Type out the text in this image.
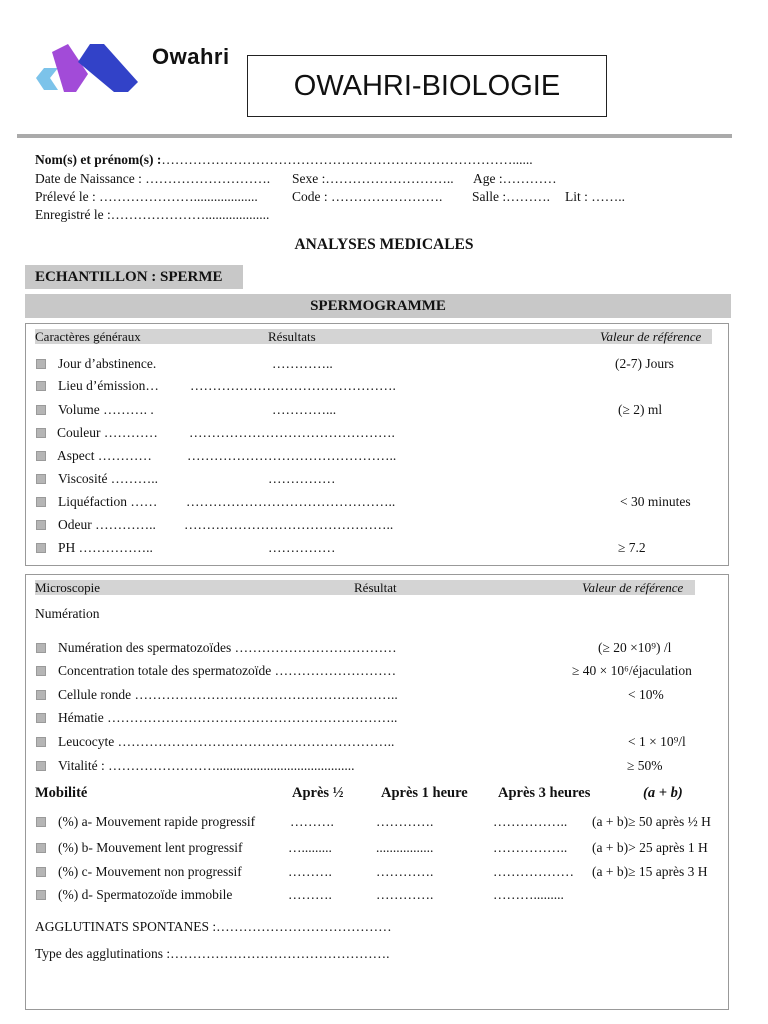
Owahri
OWAHRI-BIOLOGIE
Nom(s) et prénom(s) :……………………………………………………………………......
Date de Naissance : ………………………. Sexe :……………………….. Age :…………
Prélevé le : …………………...................	Code : ……………………. Salle :………. Lit : ……..
Enregistré le :…………………...................
ANALYSES MEDICALES
ECHANTILLON : SPERME
SPERMOGRAMME
Caractères généraux	Résultats	Valeur de référence
Jour d’abstinence.	…………..	(2-7) Jours
Lieu d’émission… ……………………………………….
Volume ………. .	…………...	(≥ 2) ml
Couleur ………… ……………………………………….
Aspect …………	………………………………………..
Viscosité ………..	……………
Liquéfaction …… ………………………………………..	< 30 minutes
Odeur ………….. ………………………………………..
PH ……………..	……………	≥ 7.2
Microscopie	Résultat	Valeur de référence
Numération
Numération des spermatozoïdes ………………………………	(≥ 20 ×10⁹) /l
Concentration totale des spermatozoïde ………………………	≥ 40 × 10⁶/éjaculation
Cellule ronde …………………………………………………..	< 10%
Hématie ………………………………………………………..
Leucocyte ……………………………………………………..	< 1 × 10⁹/l
Vitalité : …………………….........................................	≥ 50%
Mobilité	Après ½	Après 1 heure Après 3 heures	(a + b)
(%) a- Mouvement rapide progressif	……….	………….	…………….. (a + b)≥ 50 après ½ H
(%) b- Mouvement lent progressif	….........	.................	…………….. (a + b)> 25 après 1 H
(%) c- Mouvement non progressif	……….	………….	……………… (a + b)≥ 15 après 3 H
(%) d- Spermatozoïde immobile	……….	………….	……….........
AGGLUTINATS SPONTANES :…………………………………
Type des agglutinations :………………………………………….
